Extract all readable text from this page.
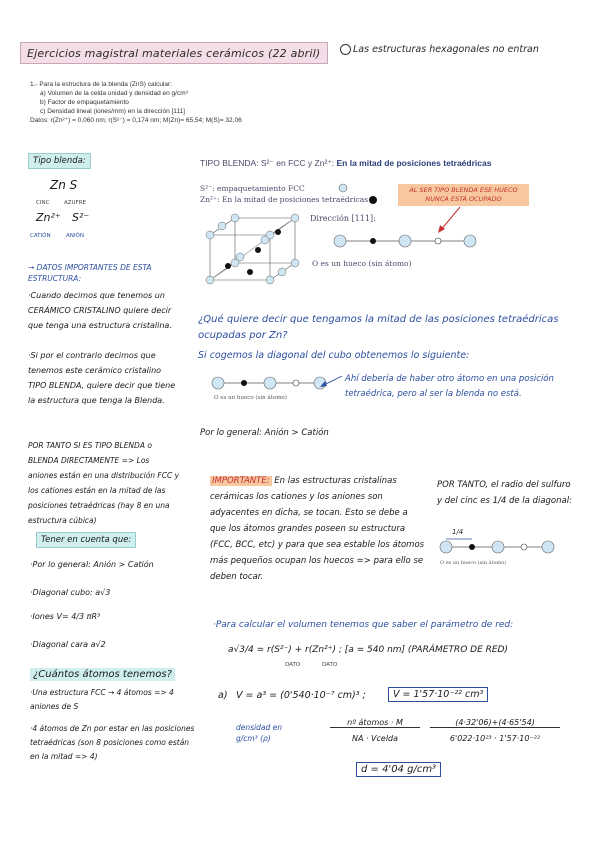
Ejercicios magistral materiales cerámicos (22 abril)	Las estructuras hexagonales no entran
1.- Para la estructura de la blenda (ZnS) calcular:
a) Volumen de la celda unidad y densidad en g/cm³
b) Factor de empaquetamiento
c) Densidad lineal (iones/mm) en la dirección [111]
Datos: r(Zn²⁺) = 0,060 nm; r(S²⁻) = 0,174 nm; M(Zn)= 65,54; M(S)= 32,06
Tipo blenda:
Zn S
CINC	AZUFRE
Zn²⁺ S²⁻
CATIÓN	ANIÓN
→ DATOS IMPORTANTES DE ESTA ESTRUCTURA:
·Cuando decimos que tenemos un CERÁMICO CRISTALINO quiere decir que tenga una estructura cristalina.
·Si por el contrario decimos que tenemos este cerámico cristalino TIPO BLENDA, quiere decir que tiene la estructura que tenga la Blenda.
POR TANTO SI ES TIPO BLENDA o BLENDA DIRECTAMENTE => Los aniones están en una distribución FCC y los cationes están en la mitad de las posiciones tetraédricas (hay 8 en una estructura cúbica)
Tener en cuenta que:
·Por lo general: Anión > Catión
·Diagonal cubo: a√3
·Iones V= 4/3 πR³
·Diagonal cara a√2
¿Cuántos átomos tenemos?
·Una estructura FCC → 4 átomos => 4 aniones de S
·4 átomos de Zn por estar en las posiciones tetraédricas (son 8 posiciones como están en la mitad => 4)
TIPO BLENDA: S²⁻ en FCC y Zn²⁺: En la mitad de posiciones tetraédricas
S²⁻: empaquetamiento FCC
Zn²⁺: En la mitad de posiciones tetraédricas
AL SER TIPO BLENDA ESE HUECO NUNCA ESTÁ OCUPADO
Dirección [111]:
O es un hueco (sin átomo)
¿Qué quiere decir que tengamos la mitad de las posiciones tetraédricas ocupadas por Zn?
Si cogemos la diagonal del cubo obtenemos lo siguiente:
O es un hueco (sin átomo)
Ahí debería de haber otro átomo en una posición tetraédrica, pero al ser la blenda no está.
Por lo general: Anión > Catión
IMPORTANTE: En las estructuras cristalinas cerámicas los cationes y los aniones son adyacentes en dicha, se tocan. Esto se debe a que los átomos grandes poseen su estructura (FCC, BCC, etc) y para que sea estable los átomos más pequeños ocupan los huecos => para ello se deben tocar.
POR TANTO, el radio del sulfuro y del cinc es 1/4 de la diagonal:
1/4
O es un hueco (sin átomo)
·Para calcular el volumen tenemos que saber el parámetro de red:
a√3/4 = r(S²⁻) + r(Zn²⁺) ; [a = 540 nm] (PARÁMETRO DE RED)
DATO	DATO
a) V = a³ = (0'540·10⁻⁷ cm)³ ;	V = 1'57·10⁻²² cm³
densidad en g/cm³ (ρ)
nº átomos · M
NA · Vcelda
(4·32'06)+(4·65'54)
6'022·10²³ · 1'57·10⁻²²
d = 4'04 g/cm³
